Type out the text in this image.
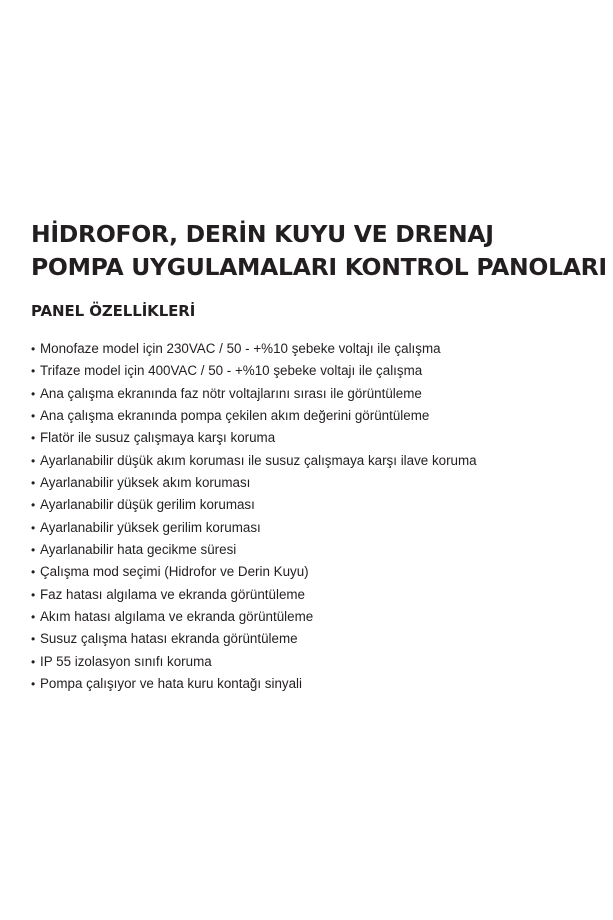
HİDROFOR, DERİN KUYU VE DRENAJ
POMPA UYGULAMALARI KONTROL PANOLARI
PANEL ÖZELLİKLERİ
• Monofaze model için 230VAC / 50 - +%10 şebeke voltajı ile çalışma
• Trifaze model için 400VAC / 50 - +%10 şebeke voltajı ile çalışma
• Ana çalışma ekranında faz nötr voltajlarını sırası ile görüntüleme
• Ana çalışma ekranında pompa çekilen akım değerini görüntüleme
• Flatör ile susuz çalışmaya karşı koruma
• Ayarlanabilir düşük akım koruması ile susuz çalışmaya karşı ilave koruma
• Ayarlanabilir yüksek akım koruması
• Ayarlanabilir düşük gerilim koruması
• Ayarlanabilir yüksek gerilim koruması
• Ayarlanabilir hata gecikme süresi
• Çalışma mod seçimi (Hidrofor ve Derin Kuyu)
• Faz hatası algılama ve ekranda görüntüleme
• Akım hatası algılama ve ekranda görüntüleme
• Susuz çalışma hatası ekranda görüntüleme
• IP 55 izolasyon sınıfı koruma
• Pompa çalışıyor ve hata kuru kontağı sinyali
